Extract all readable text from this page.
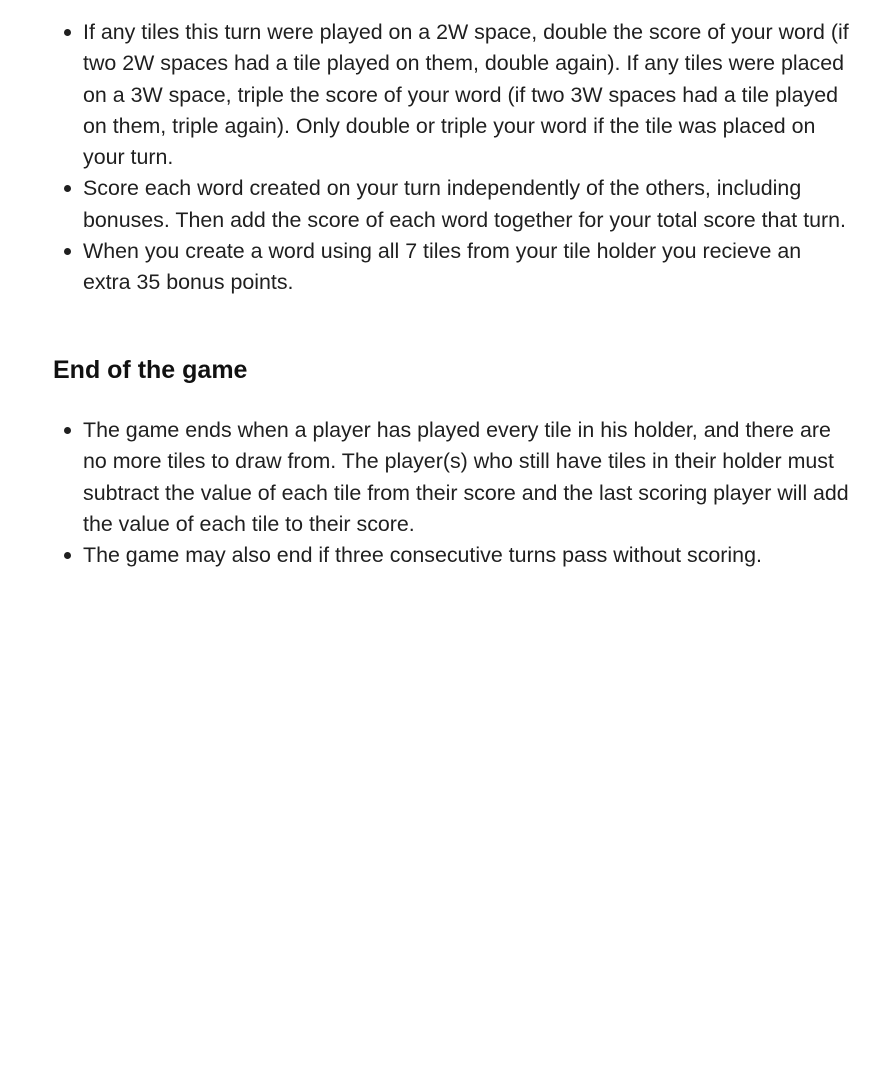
If any tiles this turn were played on a 2W space, double the score of your word (if two 2W spaces had a tile played on them, double again). If any tiles were placed on a 3W space, triple the score of your word (if two 3W spaces had a tile played on them, triple again). Only double or triple your word if the tile was placed on your turn.
Score each word created on your turn independently of the others, including bonuses. Then add the score of each word together for your total score that turn.
When you create a word using all 7 tiles from your tile holder you recieve an extra 35 bonus points.
End of the game
The game ends when a player has played every tile in his holder, and there are no more tiles to draw from. The player(s) who still have tiles in their holder must subtract the value of each tile from their score and the last scoring player will add the value of each tile to their score.
The game may also end if three consecutive turns pass without scoring.
